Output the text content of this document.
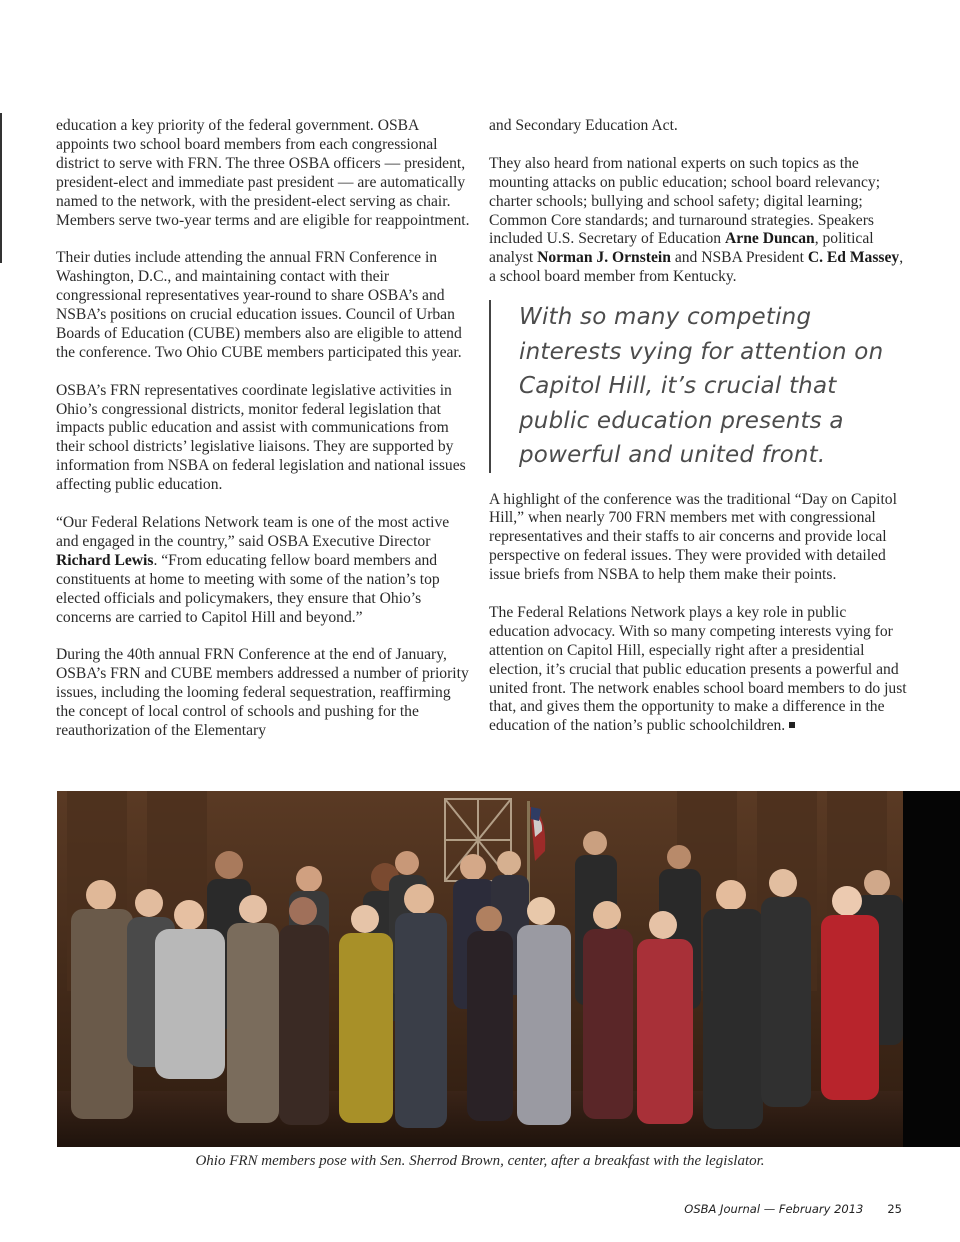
education a key priority of the federal government. OSBA appoints two school board members from each congressional district to serve with FRN. The three OSBA officers — president, president-elect and immediate past president — are automatically named to the network, with the president-elect serving as chair. Members serve two-year terms and are eligible for reappointment.

Their duties include attending the annual FRN Conference in Washington, D.C., and maintaining contact with their congressional representatives year-round to share OSBA’s and NSBA’s positions on crucial education issues. Council of Urban Boards of Education (CUBE) members also are eligible to attend the conference. Two Ohio CUBE members participated this year.

OSBA’s FRN representatives coordinate legislative activities in Ohio’s congressional districts, monitor federal legislation that impacts public education and assist with communications from their school districts’ legislative liaisons. They are supported by information from NSBA on federal legislation and national issues affecting public education.

“Our Federal Relations Network team is one of the most active and engaged in the country,” said OSBA Executive Director Richard Lewis. “From educating fellow board members and constituents at home to meeting with some of the nation’s top elected officials and policymakers, they ensure that Ohio’s concerns are carried to Capitol Hill and beyond.”

During the 40th annual FRN Conference at the end of January, OSBA’s FRN and CUBE members addressed a number of priority issues, including the looming federal sequestration, reaffirming the concept of local control of schools and pushing for the reauthorization of the Elementary

and Secondary Education Act.

They also heard from national experts on such topics as the mounting attacks on public education; school board relevancy; charter schools; bullying and school safety; digital learning; Common Core standards; and turnaround strategies. Speakers included U.S. Secretary of Education Arne Duncan, political analyst Norman J. Ornstein and NSBA President C. Ed Massey, a school board member from Kentucky.

With so many competing interests vying for attention on Capitol Hill, it’s crucial that public education presents a powerful and united front.

A highlight of the conference was the traditional “Day on Capitol Hill,” when nearly 700 FRN members met with congressional representatives and their staffs to air concerns and provide local perspective on federal issues. They were provided with detailed issue briefs from NSBA to help them make their points.

The Federal Relations Network plays a key role in public education advocacy. With so many competing interests vying for attention on Capitol Hill, especially right after a presidential election, it’s crucial that public education presents a powerful and united front. The network enables school board members to do just that, and gives them the opportunity to make a difference in the education of the nation’s public schoolchildren.

Ohio FRN members pose with Sen. Sherrod Brown, center, after a breakfast with the legislator.
OSBA Journal — February 2013 25
